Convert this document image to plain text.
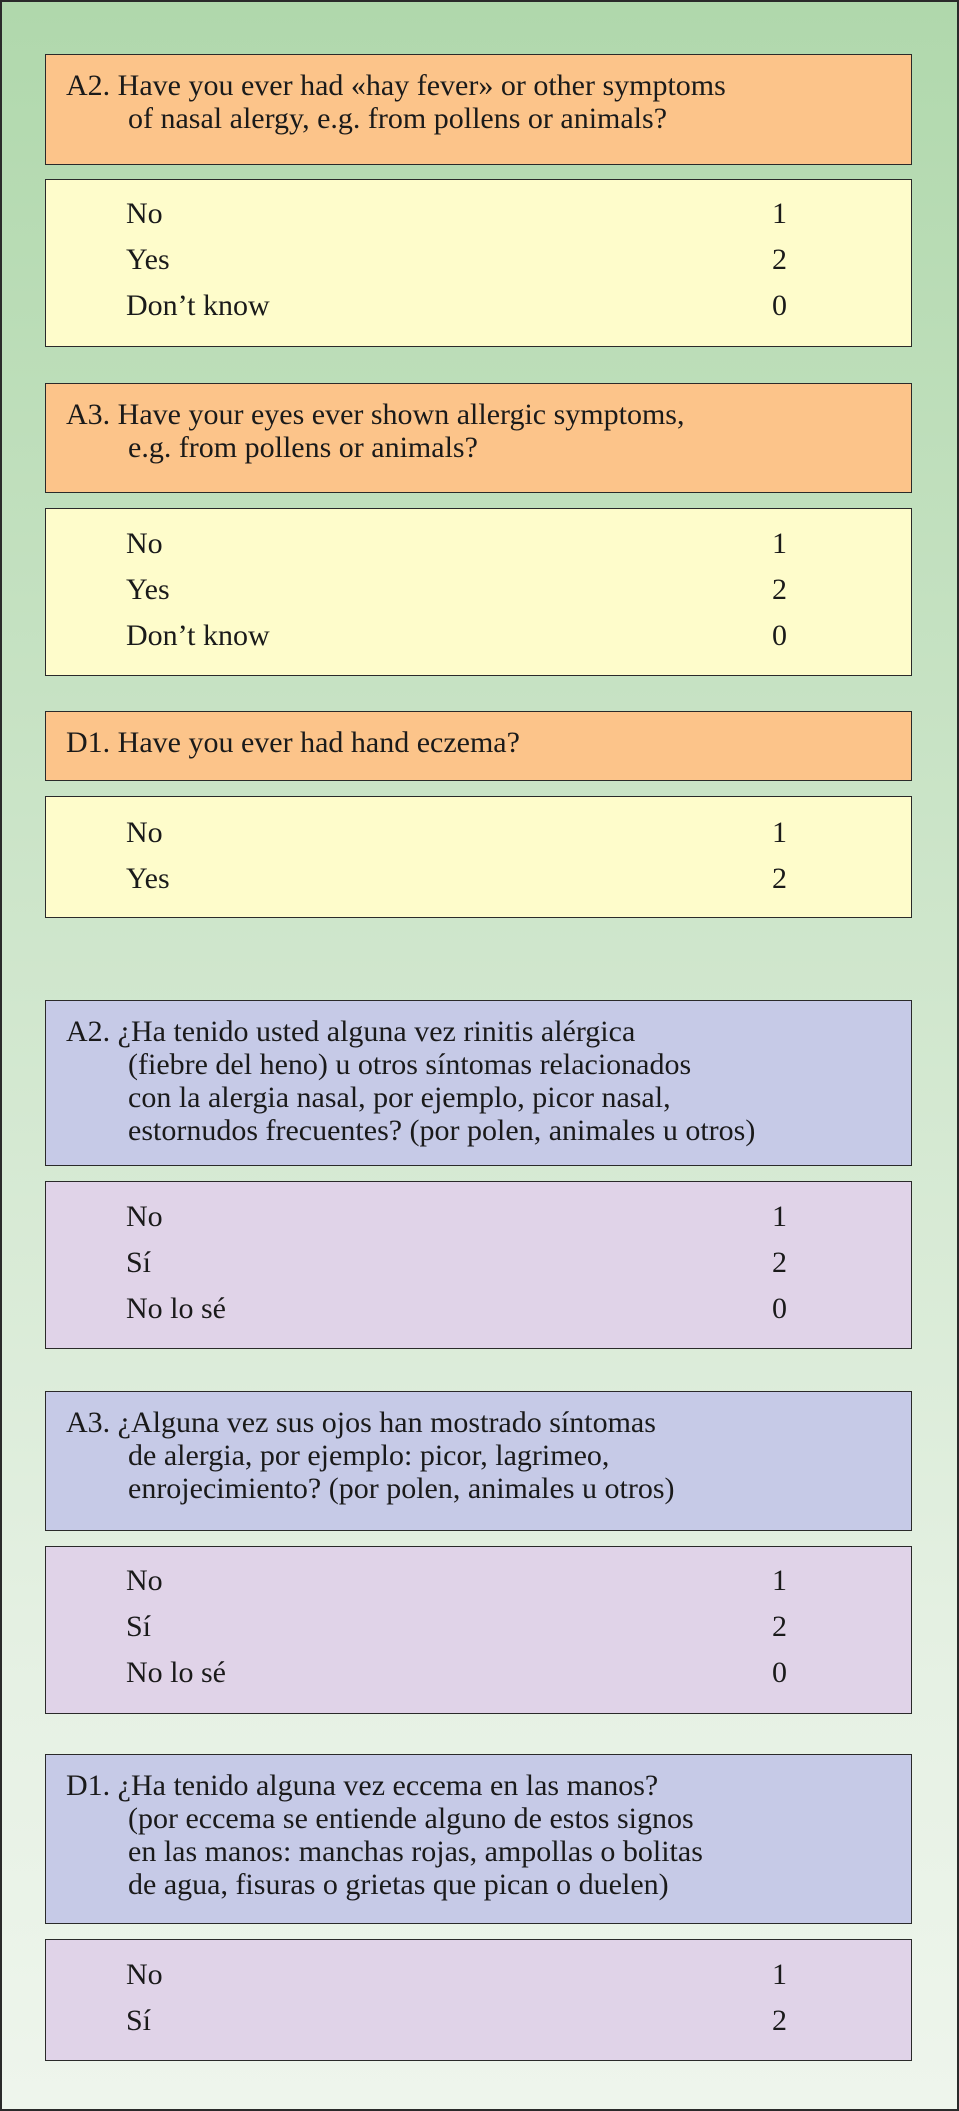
A2. Have you ever had «hay fever» or other symptoms
of nasal alergy, e.g. from pollens or animals?
No	1
Yes	2
Don’t know	0
A3. Have your eyes ever shown allergic symptoms,
e.g. from pollens or animals?
No	1
Yes	2
Don’t know	0
D1. Have you ever had hand eczema?
No	1
Yes	2
A2. ¿Ha tenido usted alguna vez rinitis alérgica
(fiebre del heno) u otros síntomas relacionados
con la alergia nasal, por ejemplo, picor nasal,
estornudos frecuentes? (por polen, animales u otros)
No	1
Sí	2
No lo sé	0
A3. ¿Alguna vez sus ojos han mostrado síntomas
de alergia, por ejemplo: picor, lagrimeo,
enrojecimiento? (por polen, animales u otros)
No	1
Sí	2
No lo sé	0
D1. ¿Ha tenido alguna vez eccema en las manos?
(por eccema se entiende alguno de estos signos
en las manos: manchas rojas, ampollas o bolitas
de agua, fisuras o grietas que pican o duelen)
No	1
Sí	2
